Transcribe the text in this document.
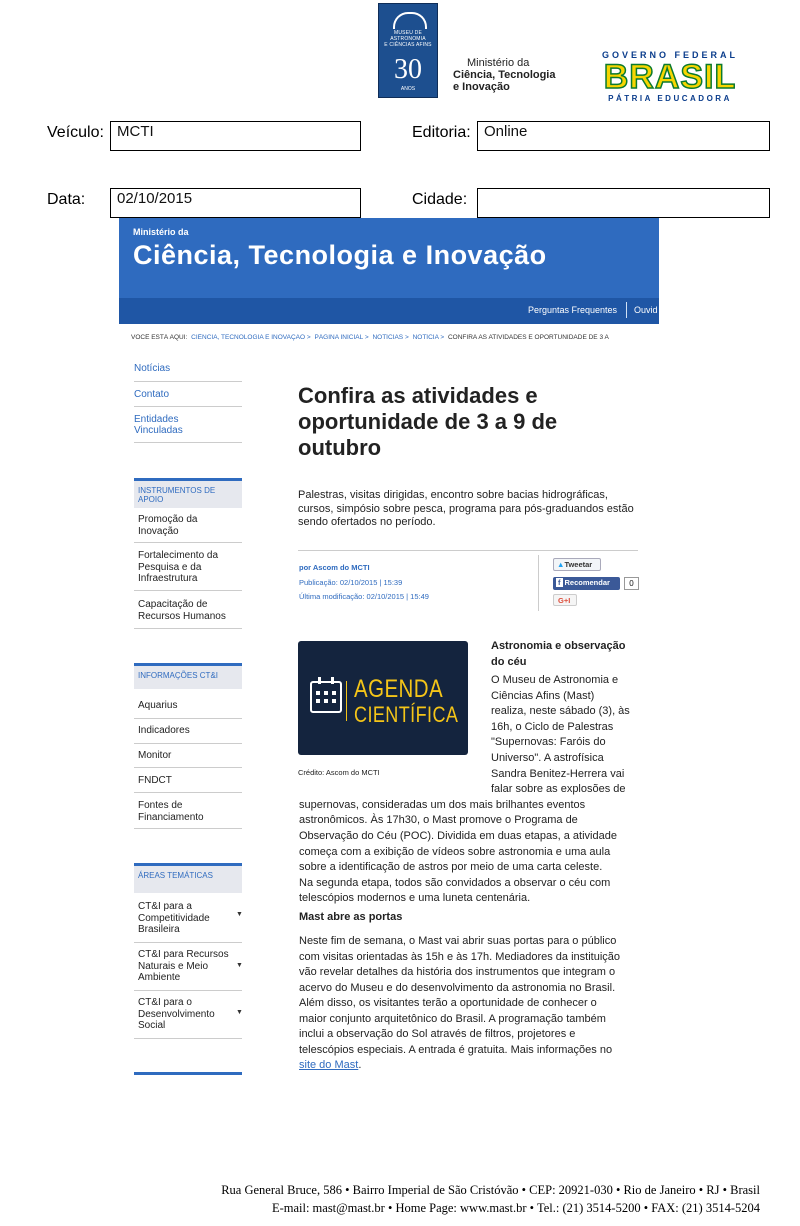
MUSEU DE
ASTRONOMIA
E CIÊNCIAS AFINS
30
ANOS
Ministério da
Ciência, Tecnologia
e Inovação
GOVERNO FEDERAL
BRASIL
PÁTRIA EDUCADORA
Veículo: MCTI	Editoria: Online
Data:	02/10/2015	Cidade:
Ministério da
Ciência, Tecnologia e Inovação
Perguntas Frequentes Ouvid
VOCÊ ESTÁ AQUI: CIÊNCIA, TECNOLOGIA E INOVAÇÃO > PÁGINA INICIAL > NOTÍCIAS > NOTÍCIA > CONFIRA AS ATIVIDADES E OPORTUNIDADE DE 3 A
Notícias
Contato
Entidades Vinculadas
INSTRUMENTOS DE APOIO
Promoção da Inovação
Fortalecimento da Pesquisa e da Infraestrutura
Capacitação de Recursos Humanos
INFORMAÇÕES CT&I
Aquarius
Indicadores
Monitor
FNDCT
Fontes de Financiamento
ÁREAS TEMÁTICAS
CT&I para a Competitividade Brasileira
▼
CT&I para Recursos Naturais e Meio Ambiente
▼
CT&I para o Desenvolvimento Social
▼
Confira as atividades e oportunidade de 3 a 9 de outubro
Palestras, visitas dirigidas, encontro sobre bacias hidrográficas, cursos, simpósio sobre pesca, programa para pós-graduandos estão sendo ofertados no período.
por Ascom do MCTI
Publicação: 02/10/2015 | 15:39
Última modificação: 02/10/2015 | 15:49
▲Tweetar
f Recomendar	0
G+I
AGENDA
CIENTÍFICA
Crédito: Ascom do MCTI
Astronomia e observação do céu
O Museu de Astronomia e
Ciências Afins (Mast)
realiza, neste sábado (3), às
16h, o Ciclo de Palestras
"Supernovas: Faróis do
Universo". A astrofísica
Sandra Benitez-Herrera vai
falar sobre as explosões de
supernovas, consideradas um dos mais brilhantes eventos
astronômicos. Às 17h30, o Mast promove o Programa de
Observação do Céu (POC). Dividida em duas etapas, a atividade
começa com a exibição de vídeos sobre astronomia e uma aula
sobre a identificação de astros por meio de uma carta celeste.
Na segunda etapa, todos são convidados a observar o céu com
telescópios modernos e uma luneta centenária.
Mast abre as portas
Neste fim de semana, o Mast vai abrir suas portas para o público
com visitas orientadas às 15h e às 17h. Mediadores da instituição
vão revelar detalhes da história dos instrumentos que integram o
acervo do Museu e do desenvolvimento da astronomia no Brasil.
Além disso, os visitantes terão a oportunidade de conhecer o
maior conjunto arquitetônico do Brasil. A programação também
inclui a observação do Sol através de filtros, projetores e
telescópios especiais. A entrada é gratuita. Mais informações no
site do Mast.
Rua General Bruce, 586 • Bairro Imperial de São Cristóvão • CEP: 20921-030 • Rio de Janeiro • RJ • Brasil
E-mail: mast@mast.br • Home Page: www.mast.br • Tel.: (21) 3514-5200 • FAX: (21) 3514-5204
